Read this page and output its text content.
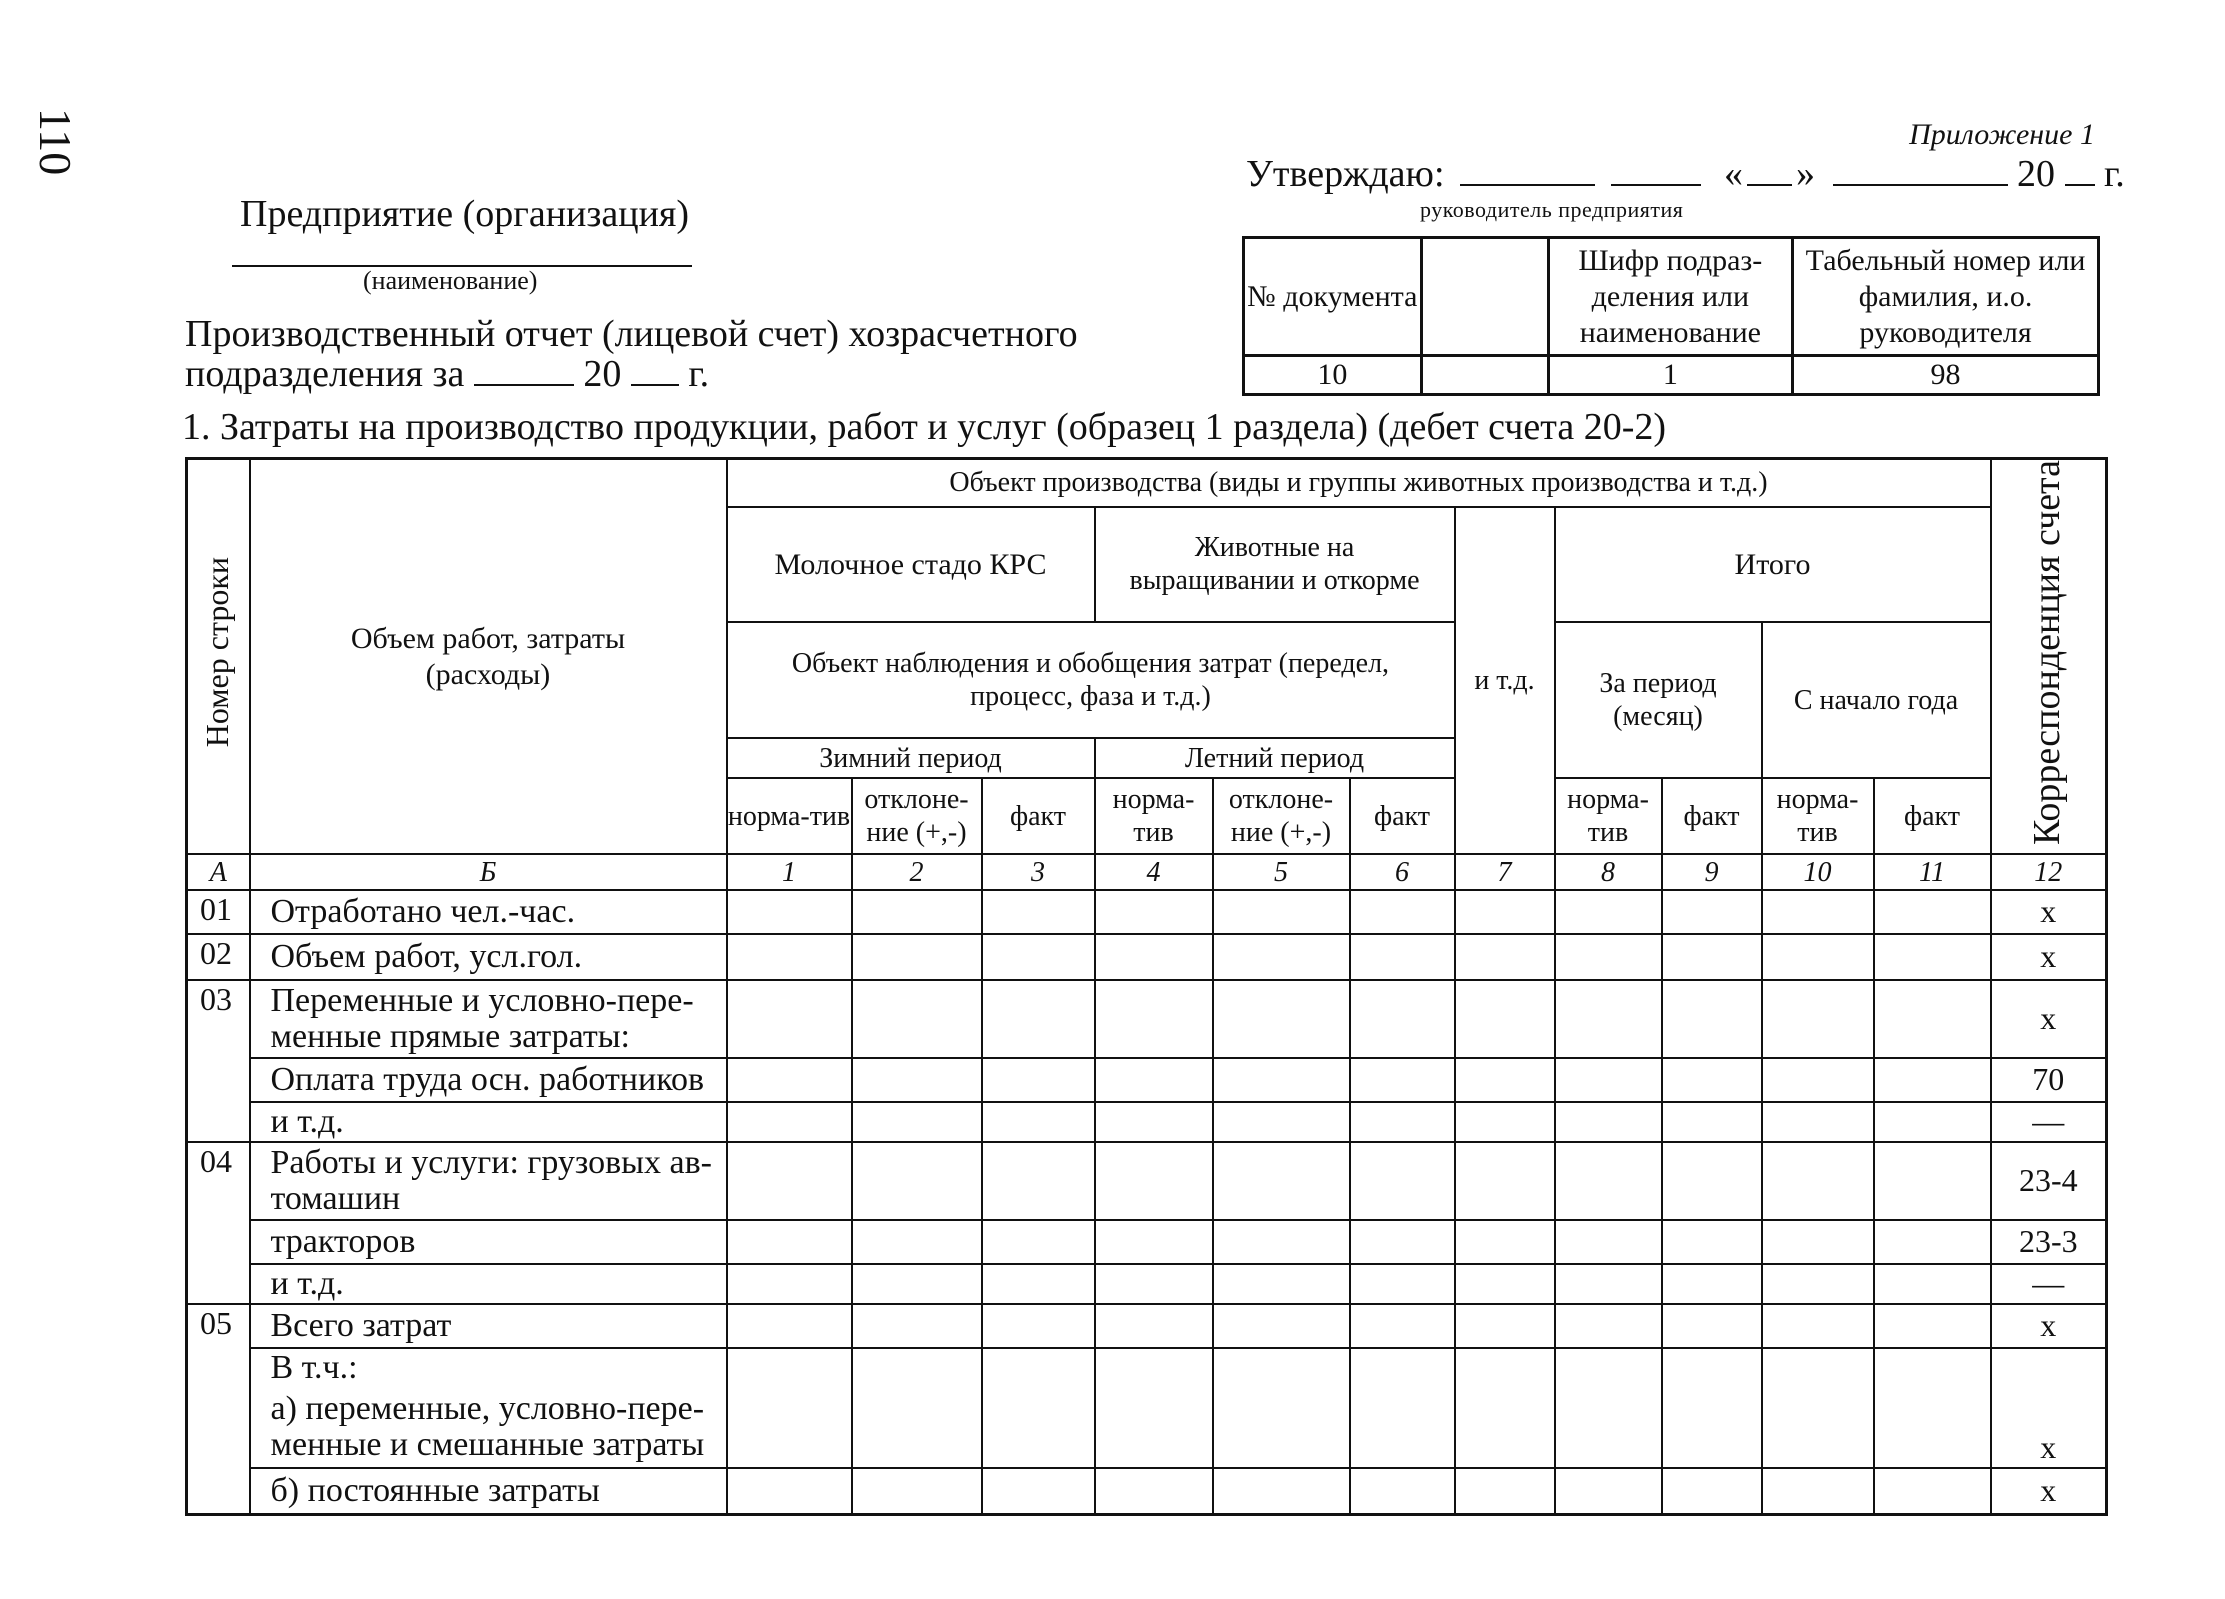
110	Приложение 1
Утверждаю:	« »	20 г.
руководитель предприятия
Предприятие (организация)
(наименование)
Производственный отчет (лицевой счет) хозрасчетного
подразделения за	20 г.
1. Затраты на производство продукции, работ и услуг (образец 1 раздела) (дебет счета 20-2)
№ документа		Шифр подраз-деления или наименование	Табельный номер или фамилия, и.о. руководителя
10		1	98
Номер строки	Объем работ, затраты (расходы)	Объект производства (виды и группы животных производства и т.д.)											Корреспонденция счета
		Молочное стадо КРС			Животные на выращивании и откорме			и т.д.	Итого				
		Объект наблюдения и обобщения затрат (передел, процесс, фаза и т.д.)							За период (месяц)		С начало года		
		Зимний период			Летний период								
		норма-тив	отклоне-ние (+,-)	факт	норма-тив	отклоне-ние (+,-)	факт		норма-тив	факт	норма-тив	факт	
А	Б	1	2	3	4	5	6	7	8	9	10	11	12
01	Отработано чел.-час.												х
02	Объем работ, усл.гол.												х
03	Переменные и условно-пере-менные прямые затраты:												х
	Оплата труда осн. работников												70
	и т.д.												—
04	Работы и услуги: грузовых ав-томашин												23-4
	тракторов												23-3
	и т.д.												—
05	Всего затрат												х
	В т.ч.:												
	а) переменные, условно-пере-менные и смешанные затраты												х
	б) постоянные затраты												х
